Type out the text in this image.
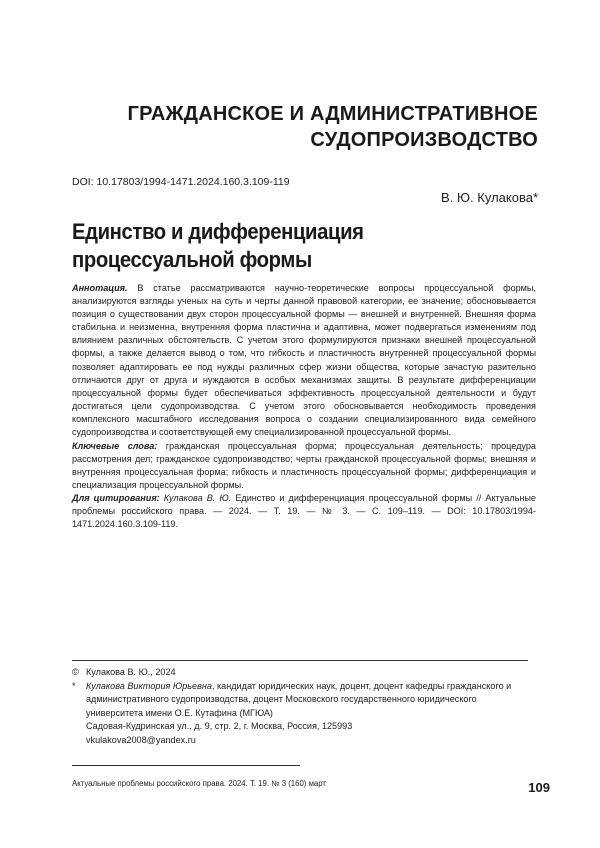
ГРАЖДАНСКОЕ И АДМИНИСТРАТИВНОЕ
СУДОПРОИЗВОДСТВО
DOI: 10.17803/1994-1471.2024.160.3.109-119
В. Ю. Кулакова*
Единство и дифференциация
процессуальной формы
Аннотация. В статье рассматриваются научно-теоретические вопросы процессуальной формы, анализируются взгляды ученых на суть и черты данной правовой категории, ее значение; обосновывается позиция о существовании двух сторон процессуальной формы — внешней и внутренней. Внешняя форма стабильна и неизменна, внутренняя форма пластична и адаптивна, может подвергаться изменениям под влиянием различных обстоятельств. С учетом этого формулируются признаки внешней процессуальной формы, а также делается вывод о том, что гибкость и пластичность внутренней процессуальной формы позволяет адаптировать ее под нужды различных сфер жизни общества, которые зачастую разительно отличаются друг от друга и нуждаются в особых механизмах защиты. В результате дифференциации процессуальной формы будет обеспечиваться эффективность процессуальной деятельности и будут достигаться цели судопроизводства. С учетом этого обосновывается необходимость проведения комплексного масштабного исследования вопроса о создании специализированного вида семейного судопроизводства и соответствующей ему специализированной процессуальной формы.
Ключевые слова: гражданская процессуальная форма; процессуальная деятельность; процедура рассмотрения дел; гражданское судопроизводство; черты гражданской процессуальной формы; внешняя и внутренняя процессуальная форма; гибкость и пластичность процессуальной формы; дифференциация и специализация процессуальной формы.
Для цитирования: Кулакова В. Ю. Единство и дифференциация процессуальной формы // Актуальные проблемы российского права. — 2024. — Т. 19. — № 3. — С. 109–119. — DOI: 10.17803/1994-1471.2024.160.3.109-119.
© Кулакова В. Ю., 2024
*	Кулакова Виктория Юрьевна, кандидат юридических наук, доцент, доцент кафедры гражданского и административного судопроизводства, доцент Московского государственного юридического университета имени О.Е. Кутафина (МГЮА)
Садовая-Кудринская ул., д. 9, стр. 2, г. Москва, Россия, 125993
vkulakova2008@yandex.ru
Актуальные проблемы российского права. 2024. Т. 19. № 3 (160) март	109
